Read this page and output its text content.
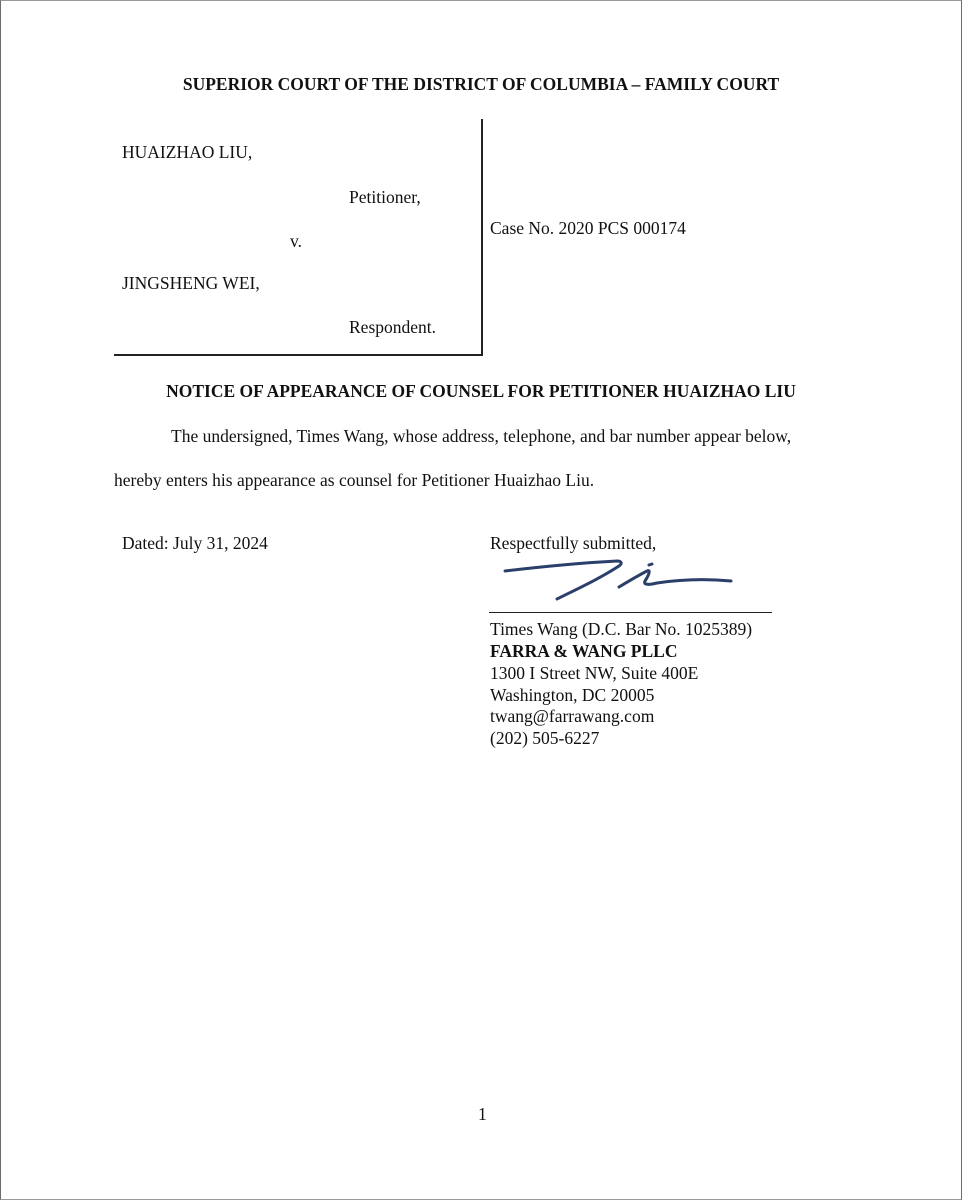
SUPERIOR COURT OF THE DISTRICT OF COLUMBIA – FAMILY COURT
HUAIZHAO LIU,
Petitioner,
v.
JINGSHENG WEI,
Respondent.
Case No. 2020 PCS 000174
NOTICE OF APPEARANCE OF COUNSEL FOR PETITIONER HUAIZHAO LIU
The undersigned, Times Wang, whose address, telephone, and bar number appear below,
hereby enters his appearance as counsel for Petitioner Huaizhao Liu.
Dated: July 31, 2024	Respectfully submitted,
Times Wang (D.C. Bar No. 1025389)
FARRA & WANG PLLC
1300 I Street NW, Suite 400E
Washington, DC 20005
twang@farrawang.com
(202) 505-6227
1
